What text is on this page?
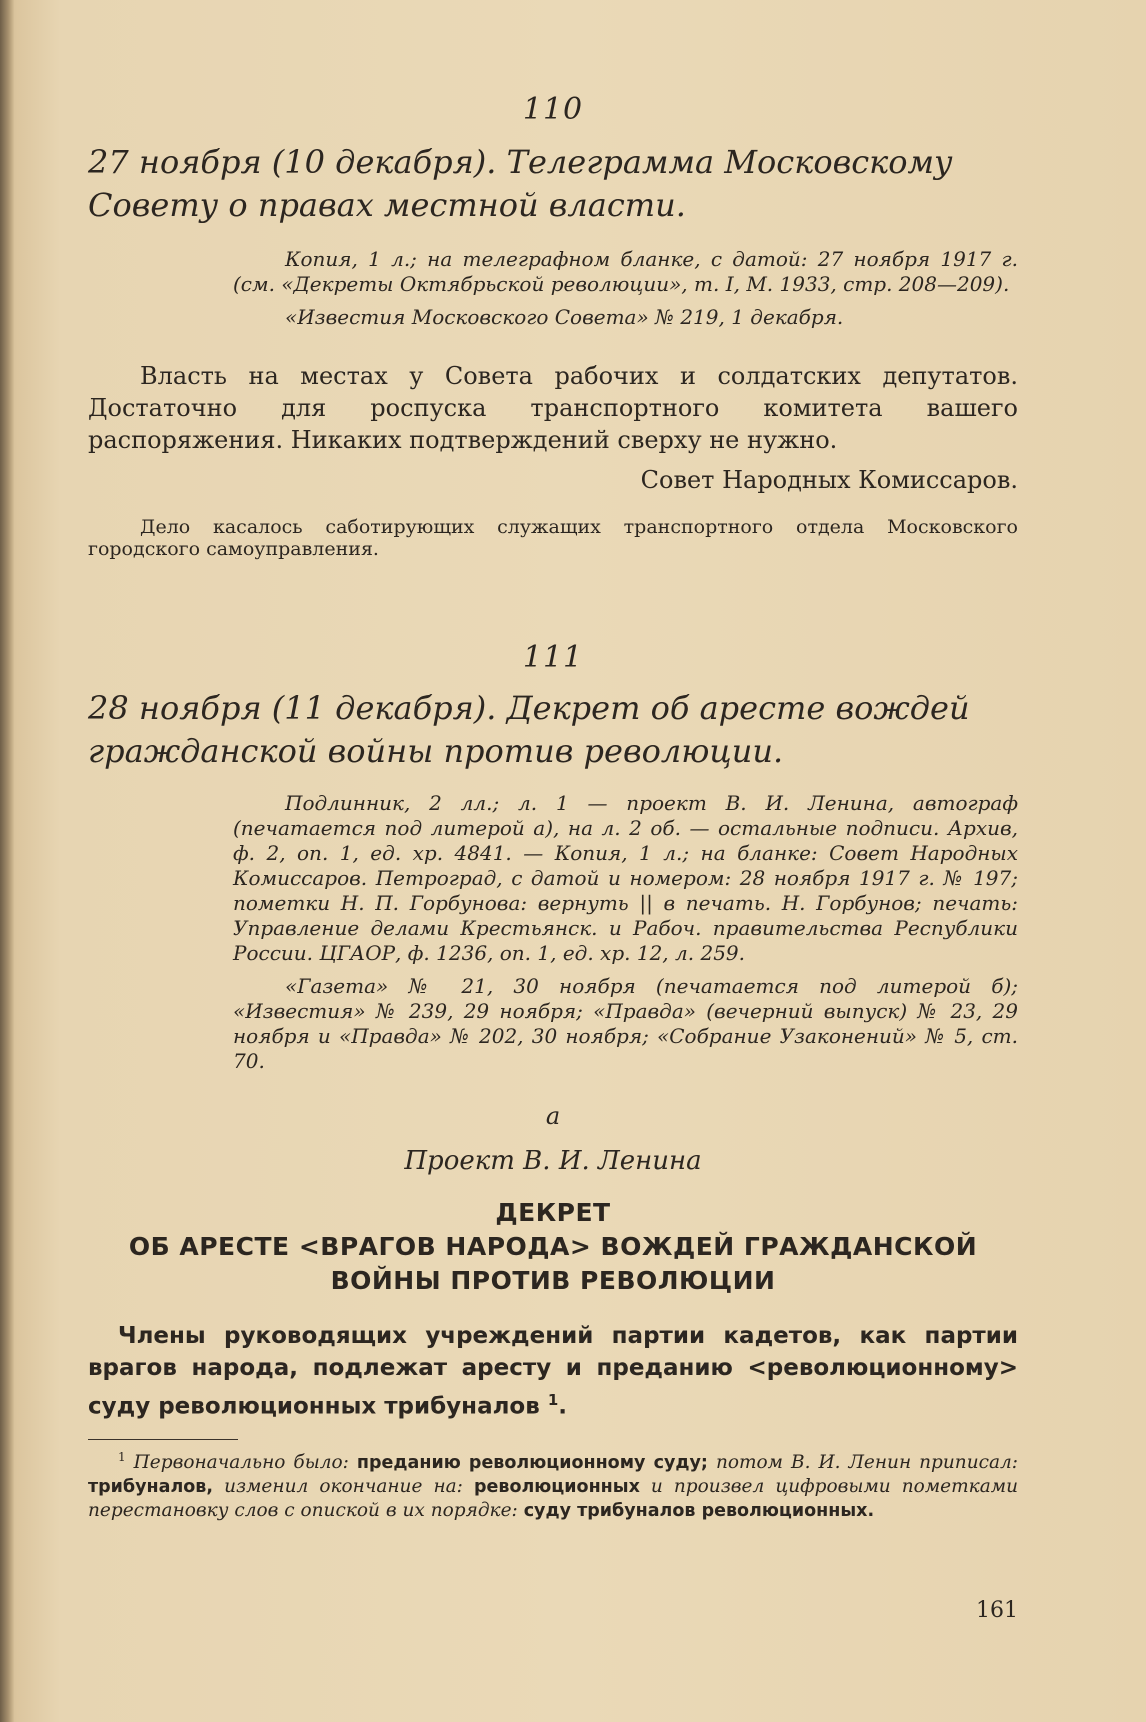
110

27 ноября (10 декабря). Телеграмма Московскому Совету о правах местной власти.

Копия, 1 л.; на телеграфном бланке, с датой: 27 ноября 1917 г. (см. «Декреты Октябрьской революции», т. I, М. 1933, стр. 208—209).

«Известия Московского Совета» № 219, 1 декабря.

Власть на местах у Совета рабочих и солдатских депутатов. Достаточно для роспуска транспортного комитета вашего распоряжения. Никаких подтверждений сверху не нужно.

Совет Народных Комиссаров.

Дело касалось саботирующих служащих транспортного отдела Московского городского самоуправления.

111

28 ноября (11 декабря). Декрет об аресте вождей гражданской войны против революции.

Подлинник, 2 лл.; л. 1 — проект В. И. Ленина, автограф (печатается под литерой а), на л. 2 об. — остальные подписи. Архив, ф. 2, оп. 1, ед. хр. 4841. — Копия, 1 л.; на бланке: Совет Народных Комиссаров. Петроград, с датой и номером: 28 ноября 1917 г. № 197; пометки Н. П. Горбунова: вернуть || в печать. Н. Горбунов; печать: Управление делами Крестьянск. и Рабоч. правительства Республики России. ЦГАОР, ф. 1236, оп. 1, ед. хр. 12, л. 259.

«Газета» № 21, 30 ноября (печатается под литерой б); «Известия» № 239, 29 ноября; «Правда» (вечерний выпуск) № 23, 29 ноября и «Правда» № 202, 30 ноября; «Собрание Узаконений» № 5, ст. 70.

а

Проект В. И. Ленина

ДЕКРЕТ

ОБ АРЕСТЕ <ВРАГОВ НАРОДА> ВОЖДЕЙ ГРАЖДАНСКОЙ

ВОЙНЫ ПРОТИВ РЕВОЛЮЦИИ

Члены руководящих учреждений партии кадетов, как партии врагов народа, подлежат аресту и преданию <революционному> суду революционных трибуналов $^1$.

$^1$ Первоначально было: преданию революционному суду; потом В. И. Ленин приписал: трибуналов, изменил окончание на: революционных и произвел цифровыми пометками перестановку слов с опиской в их порядке: суду трибуналов революционных.

161
